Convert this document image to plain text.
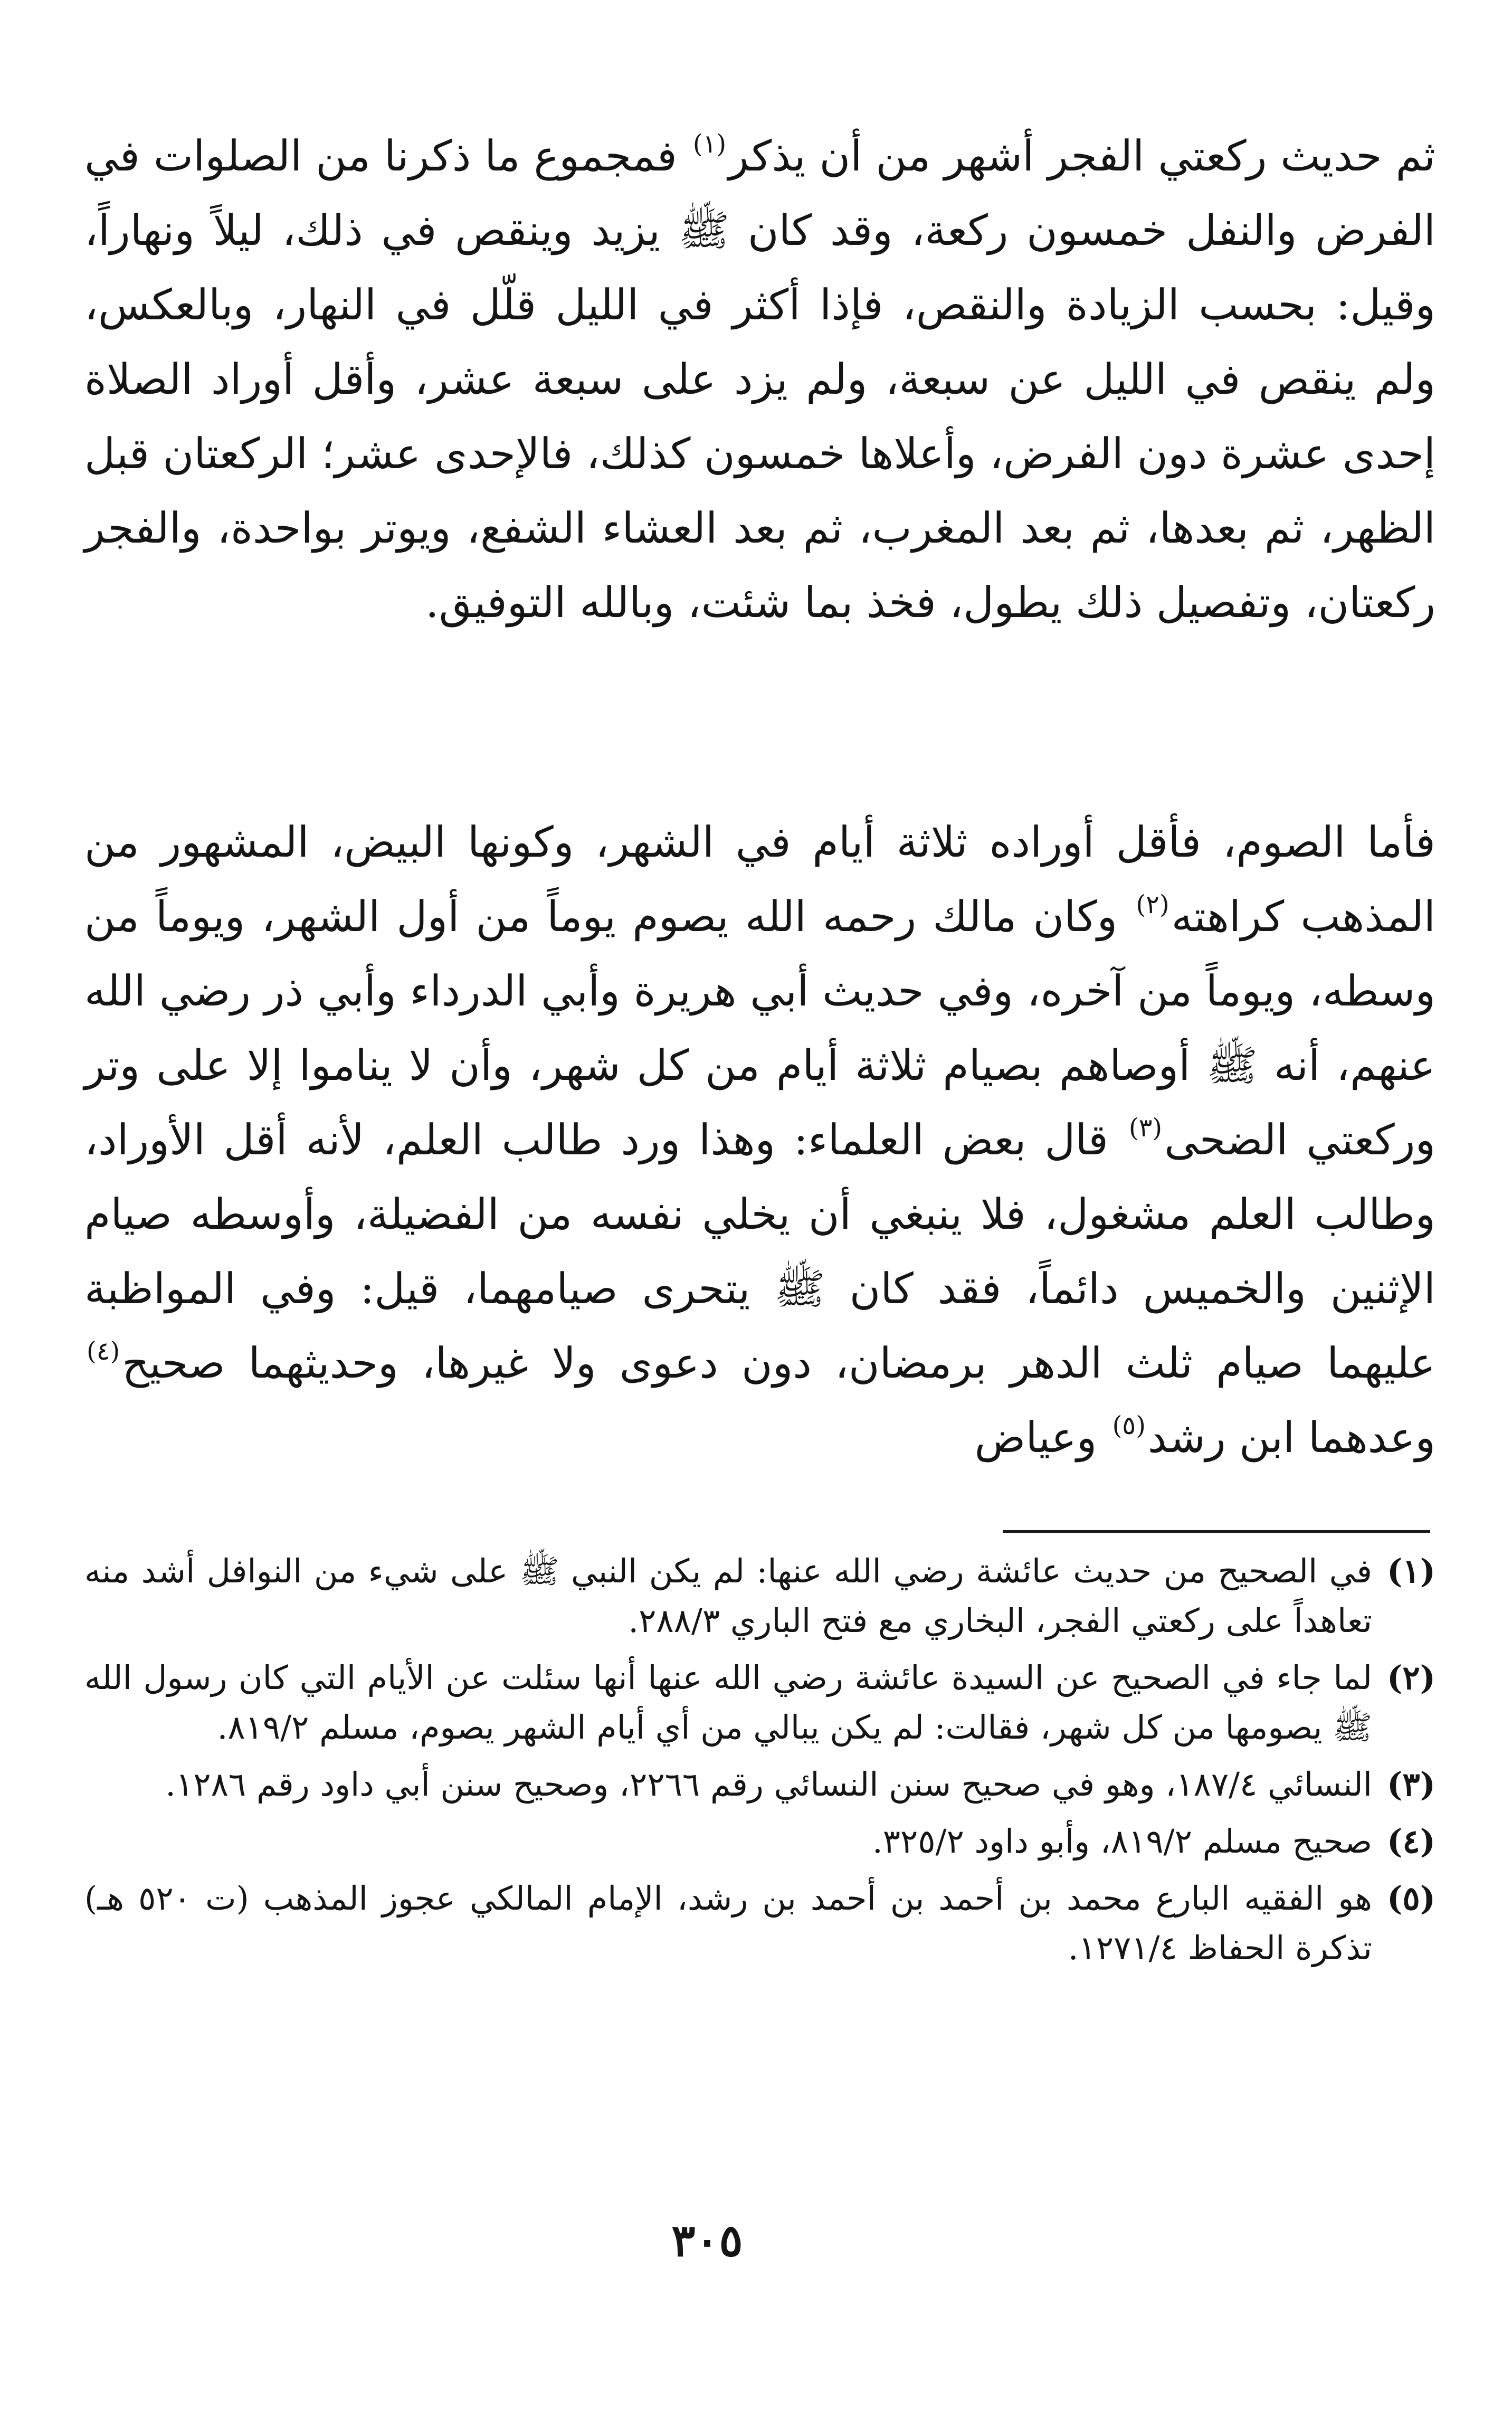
ثم حديث ركعتي الفجر أشهر من أن يذكر$^{(١)}$ فمجموع ما ذكرنا من الصلوات في الفرض والنفل خمسون ركعة، وقد كان ﷺ يزيد وينقص في ذلك، ليلاً ونهاراً، وقيل: بحسب الزيادة والنقص، فإذا أكثر في الليل قلّل في النهار، وبالعكس، ولم ينقص في الليل عن سبعة، ولم يزد على سبعة عشر، وأقل أوراد الصلاة إحدى عشرة دون الفرض، وأعلاها خمسون كذلك، فالإحدى عشر؛ الركعتان قبل الظهر، ثم بعدها، ثم بعد المغرب، ثم بعد العشاء الشفع، ويوتر بواحدة، والفجر ركعتان، وتفصيل ذلك يطول، فخذ بما شئت، وبالله التوفيق.

فأما الصوم، فأقل أوراده ثلاثة أيام في الشهر، وكونها البيض، المشهور من المذهب كراهته$^{(٢)}$ وكان مالك رحمه الله يصوم يوماً من أول الشهر، ويوماً من وسطه، ويوماً من آخره، وفي حديث أبي هريرة وأبي الدرداء وأبي ذر رضي الله عنهم، أنه ﷺ أوصاهم بصيام ثلاثة أيام من كل شهر، وأن لا يناموا إلا على وتر وركعتي الضحى$^{(٣)}$ قال بعض العلماء: وهذا ورد طالب العلم، لأنه أقل الأوراد، وطالب العلم مشغول، فلا ينبغي أن يخلي نفسه من الفضيلة، وأوسطه صيام الإثنين والخميس دائماً، فقد كان ﷺ يتحرى صيامهما، قيل: وفي المواظبة عليهما صيام ثلث الدهر برمضان، دون دعوى ولا غيرها، وحديثهما صحيح$^{(٤)}$ وعدهما ابن رشد$^{(٥)}$ وعياض

(١)
في الصحيح من حديث عائشة رضي الله عنها: لم يكن النبي ﷺ على شيء من النوافل أشد منه تعاهداً على ركعتي الفجر، البخاري مع فتح الباري ٢٨٨/٣.
(٢)
لما جاء في الصحيح عن السيدة عائشة رضي الله عنها أنها سئلت عن الأيام التي كان رسول الله ﷺ يصومها من كل شهر، فقالت: لم يكن يبالي من أي أيام الشهر يصوم، مسلم ٨١٩/٢.
(٣)
النسائي ١٨٧/٤، وهو في صحيح سنن النسائي رقم ٢٢٦٦، وصحيح سنن أبي داود رقم ١٢٨٦.
(٤)
صحيح مسلم ٨١٩/٢، وأبو داود ٣٢٥/٢.
(٥)
هو الفقيه البارع محمد بن أحمد بن أحمد بن رشد، الإمام المالكي عجوز المذهب (ت ٥٢٠ هـ) تذكرة الحفاظ ١٢٧١/٤.
٣٠٥
